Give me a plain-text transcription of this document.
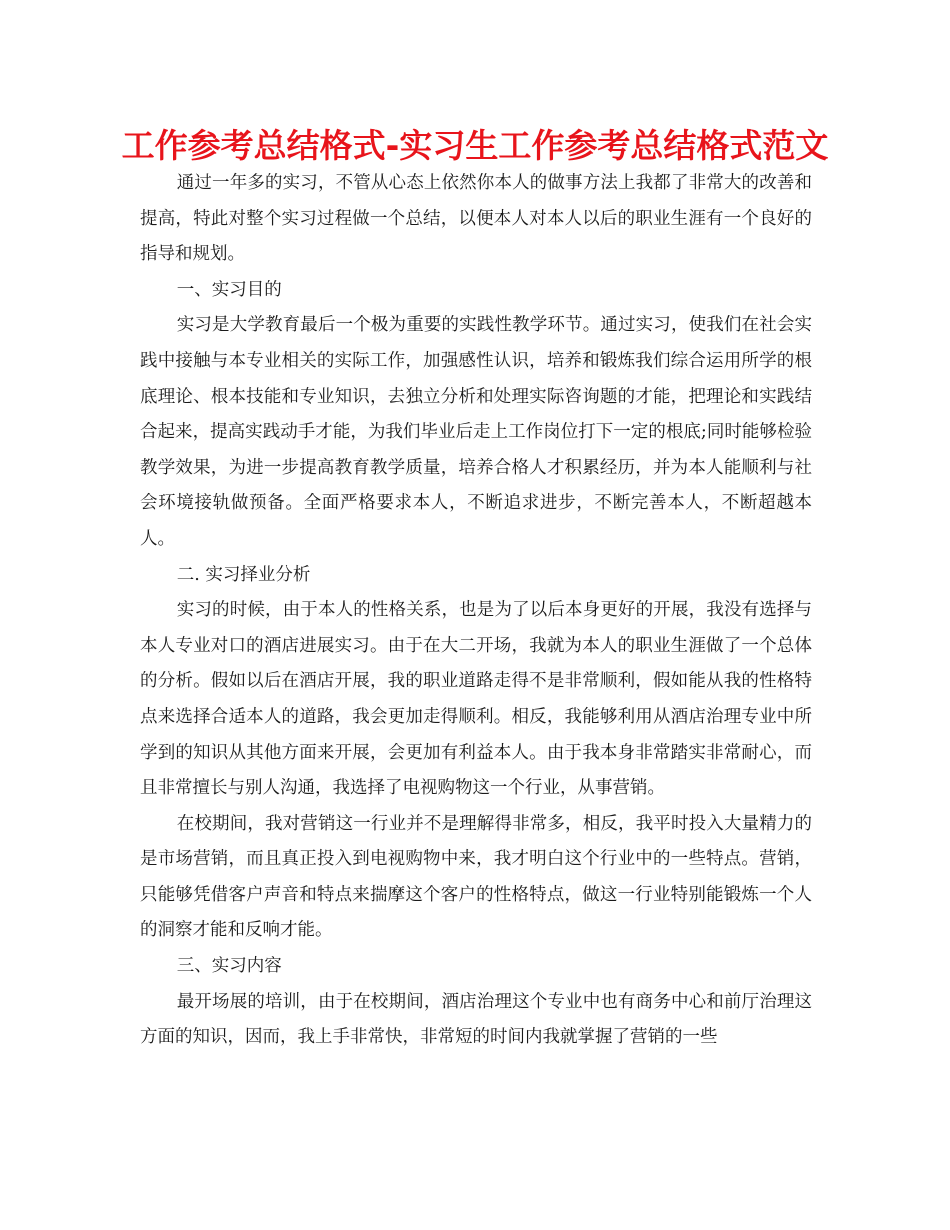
工作参考总结格式-实习生工作参考总结格式范文

通过一年多的实习，不管从心态上依然你本人的做事方法上我都了非常大的改善和提高，特此对整个实习过程做一个总结，以便本人对本人以后的职业生涯有一个良好的指导和规划。

一、实习目的

实习是大学教育最后一个极为重要的实践性教学环节。通过实习，使我们在社会实践中接触与本专业相关的实际工作，加强感性认识，培养和锻炼我们综合运用所学的根底理论、根本技能和专业知识，去独立分析和处理实际咨询题的才能，把理论和实践结合起来，提高实践动手才能，为我们毕业后走上工作岗位打下一定的根底;同时能够检验教学效果，为进一步提高教育教学质量，培养合格人才积累经历，并为本人能顺利与社会环境接轨做预备。全面严格要求本人，不断追求进步，不断完善本人，不断超越本人。

二. 实习择业分析

实习的时候，由于本人的性格关系，也是为了以后本身更好的开展，我没有选择与本人专业对口的酒店进展实习。由于在大二开场，我就为本人的职业生涯做了一个总体的分析。假如以后在酒店开展，我的职业道路走得不是非常顺利，假如能从我的性格特点来选择合适本人的道路，我会更加走得顺利。相反，我能够利用从酒店治理专业中所学到的知识从其他方面来开展，会更加有利益本人。由于我本身非常踏实非常耐心，而且非常擅长与别人沟通，我选择了电视购物这一个行业，从事营销。

在校期间，我对营销这一行业并不是理解得非常多，相反，我平时投入大量精力的是市场营销，而且真正投入到电视购物中来，我才明白这个行业中的一些特点。营销，只能够凭借客户声音和特点来揣摩这个客户的性格特点，做这一行业特别能锻炼一个人的洞察才能和反响才能。

三、实习内容

最开场展的培训，由于在校期间，酒店治理这个专业中也有商务中心和前厅治理这方面的知识，因而，我上手非常快，非常短的时间内我就掌握了营销的一些
